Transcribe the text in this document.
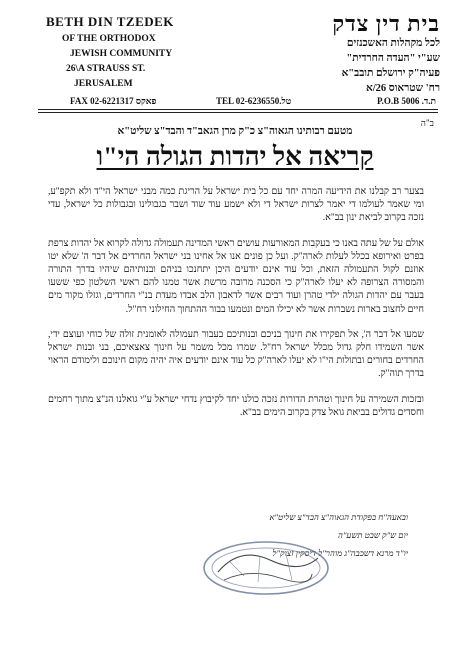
BETH DIN TZEDEK
OF THE ORTHODOX
JEWISH COMMUNITY
26\A STRAUSS ST.
JERUSALEM
בית דין צדק
לכל מקהלות האשכנזים
שע"י "העדה החרדית"
פעיה"ק ירושלם תובב"א
רח' שטראוס 26/א
FAX 02-6221317 פאקס	TEL 02-6236550.טל	ת.ד. P.O.B 5006
ב"ה
מטעם רבותינו הגאוה"צ כ"ק מרן הגאב"ד והבד"צ שליט"א
קריאה אל יהדות הגולה הי"ו

בצער רב קבלנו את הידיעה המרה יחד עם כל בית ישראל על הריגת כמה מבני ישראל הי"ד ולא תקפ"ע, ומי שאמר לעולמו די יאמר לצרות ישראל די ולא ישמע עוד שוד ושבר בגבולינו ובגבולות כל ישראל, עדי נזכה בקרוב לביאת ינון בב"א.

אולם על של עתה באנו כי בעקבות המאורעות עושים ראשי המדינה תעמולה גדולה לקרוא אל יהדות צרפת בפרט ואירופא בכלל לעלות לארה"ק. ועל כן פונים אנו אל אחינו בני ישראל החרדים אל דבר ה' שלא יטו אוזנם לקול התעמולה הזאת, וכל עוד אינם יודעים היכן יתחנכו בניהם ובנותיהם שיהיו בדרך התורה והמסורה הצרופה לא יעלו לארה"ק כי הסכנה מרובה מרשת אשר טמנו להם ראשי השלטון כפי ששעו בעבר עם יהדות הגולה ילדי טהרן ועוד רבים אשר לדאבון הלב אבדו מעדת בנ"י החרדים, וגזלו מקור מים חיים לחצוב בארות נשברות אשר לא יכילו המים ונטמעו בבור ההתחוך החילוני רח"ל.

שמעו אל דבר ה', אל תפקירו את חינוך בניכם ובנותיכם בעבור תעמולה לאומנית זולה של כוחי ועוצם ידי, אשר השמידו חלק גדול מכלל ישראל רח"ל. שמרו מכל משמר על חינוך צאצאיכם, בני ובנות ישראל החרדים בחורים ובתולות הי"ו לא יעלו לארה"ק כל עוד אינם יודעים איה יהיה מקום חינוכם ולימודם הראוי בדרך תוה"ק.

ובזכות השמירה על חינוך וטהרת הדורות נזכה כולנו יחד לקיבוץ נדחי ישראל ע"י גואלנו הנ"צ מתוך רחמים וחסדים גדולים בביאת גואל צדק בקרוב הימים בב"א.

ובאעה"ח בפקודת הגאוה"צ הבד"צ שליט"א
יום ש"ק שבט תשע"ה
יו"ד מרנא דשכבה"ג מוהר"ל דיסקין זצוק"ל
